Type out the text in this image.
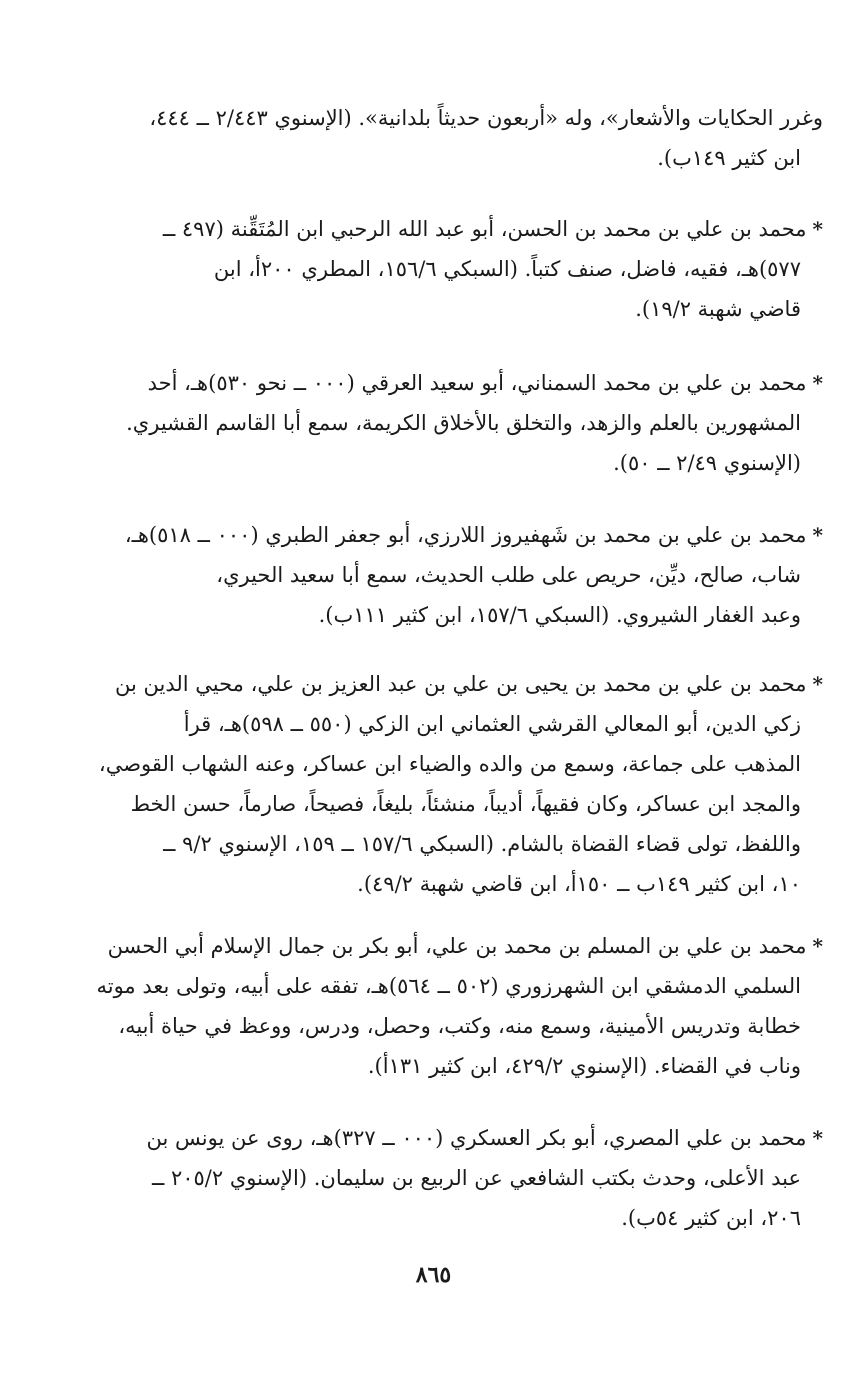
وغرر الحكايات والأشعار»، وله «أربعون حديثاً بلدانية». (الإسنوي ٢/٤٤٣ ــ ٤٤٤،
ابن كثير ١٤٩ب).
*محمد بن علي بن محمد بن الحسن، أبو عبد الله الرحبي ابن المُتَقِّنة (٤٩٧ ــ
٥٧٧)هـ، فقيه، فاضل، صنف كتباً. (السبكي ١٥٦/٦، المطري ٢٠٠أ، ابن
قاضي شهبة ١٩/٢).
*محمد بن علي بن محمد السمناني، أبو سعيد العرقي (٠٠٠ ــ نحو ٥٣٠)هـ، أحد
المشهورين بالعلم والزهد، والتخلق بالأخلاق الكريمة، سمع أبا القاسم القشيري.
(الإسنوي ٢/٤٩ ــ ٥٠).
*محمد بن علي بن محمد بن شَهفيروز اللارزي، أبو جعفر الطبري (٠٠٠ ــ ٥١٨)هـ،
شاب، صالح، ديِّن، حريص على طلب الحديث، سمع أبا سعيد الحيري،
وعبد الغفار الشيروي. (السبكي ١٥٧/٦، ابن كثير ١١١ب).
*محمد بن علي بن محمد بن يحيى بن علي بن عبد العزيز بن علي، محيي الدين بن
زكي الدين، أبو المعالي القرشي العثماني ابن الزكي (٥٥٠ ــ ٥٩٨)هـ، قرأ
المذهب على جماعة، وسمع من والده والضياء ابن عساكر، وعنه الشهاب القوصي،
والمجد ابن عساكر، وكان فقيهاً، أديباً، منشئاً، بليغاً، فصيحاً، صارماً، حسن الخط
واللفظ، تولى قضاء القضاة بالشام. (السبكي ١٥٧/٦ ــ ١٥٩، الإسنوي ٩/٢ ــ
١٠، ابن كثير ١٤٩ب ــ ١٥٠أ، ابن قاضي شهبة ٤٩/٢).
*محمد بن علي بن المسلم بن محمد بن علي، أبو بكر بن جمال الإسلام أبي الحسن
السلمي الدمشقي ابن الشهرزوري (٥٠٢ ــ ٥٦٤)هـ، تفقه على أبيه، وتولى بعد موته
خطابة وتدريس الأمينية، وسمع منه، وكتب، وحصل، ودرس، ووعظ في حياة أبيه،
وناب في القضاء. (الإسنوي ٤٢٩/٢، ابن كثير ١٣١أ).
*محمد بن علي المصري، أبو بكر العسكري (٠٠٠ ــ ٣٢٧)هـ، روى عن يونس بن
عبد الأعلى، وحدث بكتب الشافعي عن الربيع بن سليمان. (الإسنوي ٢٠٥/٢ ــ
٢٠٦، ابن كثير ٥٤ب).
٨٦٥
